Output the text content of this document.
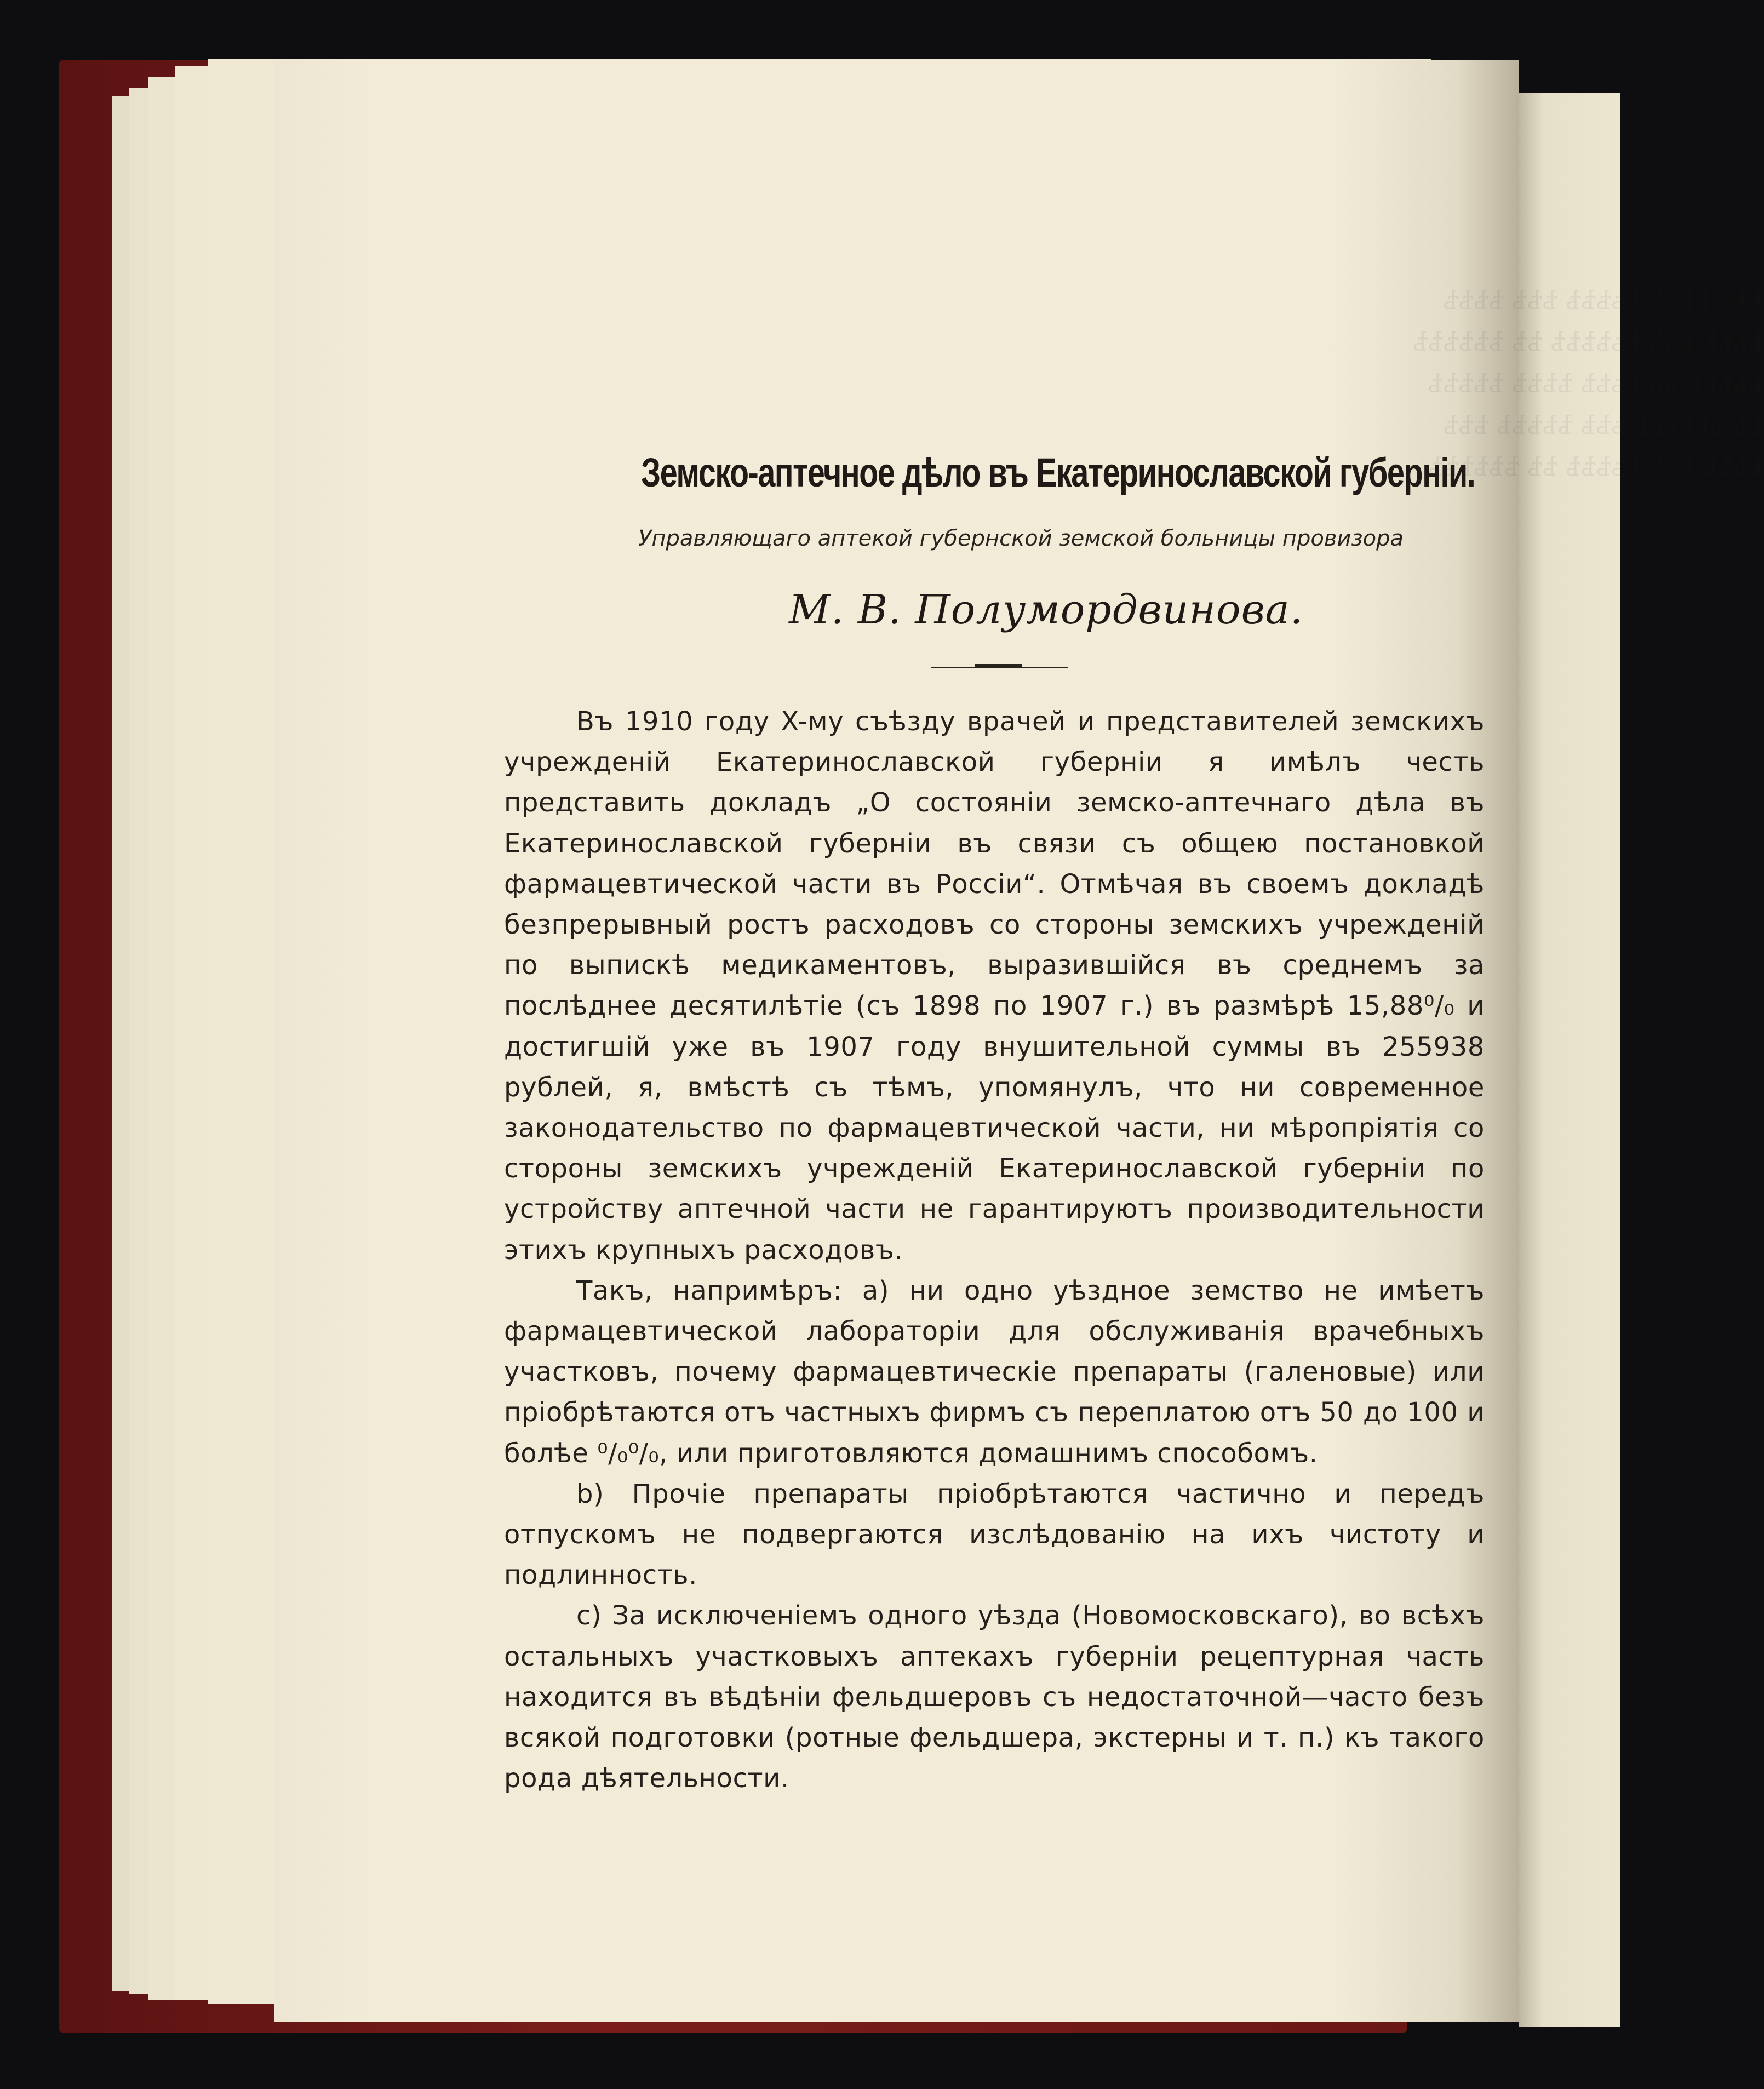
ѣѣѣ ѣѣѣѣ ѣѣѣѣѣ ѣѣѣ ѣѣѣѣ
ѣѣѣѣ ѣѣѣ ѣѣѣѣѣѣ ѣѣ ѣѣѣѣѣѣ
ѣѣѣѣѣ ѣѣ ѣѣѣѣ ѣѣѣѣ ѣѣѣѣѣ
ѣѣ ѣѣѣѣѣѣ ѣѣѣ ѣѣѣѣѣ ѣѣѣ
ѣѣѣѣ ѣѣѣ ѣѣѣѣѣ ѣѣ ѣѣѣѣѣѣ
Земско-аптечное дѣло въ Екатеринославской губерніи.
Управляющаго аптекой губернской земской больницы провизора
М. В. Полумордвинова.

Въ 1910 году X-му съѣзду врачей и представителей земскихъ учрежденій Екатеринославской губерніи я имѣлъ честь представить докладъ „О состояніи земско-аптечнаго дѣла въ Екатеринославской губерніи въ связи съ общею постановкой фармацевтической части въ Россіи“. Отмѣчая въ своемъ докладѣ безпрерывный ростъ расходовъ со стороны земскихъ учрежденій по выпискѣ медикаментовъ, выразившійся въ среднемъ за послѣднее десятилѣтіе (съ 1898 по 1907 г.) въ размѣрѣ 15,88⁰/₀ и достигшій уже въ 1907 году внушительной суммы въ 255938 рублей, я, вмѣстѣ съ тѣмъ, упомянулъ, что ни современное законодательство по фармацевтической части, ни мѣропріятія со стороны земскихъ учрежденій Екатеринославской губерніи по устройству аптечной части не гарантируютъ производительности этихъ крупныхъ расходовъ.

Такъ, напримѣръ: а) ни одно уѣздное земство не имѣетъ фармацевтической лабораторіи для обслуживанія врачебныхъ участковъ, почему фармацевтическіе препараты (галеновые) или пріобрѣтаются отъ частныхъ фирмъ съ переплатою отъ 50 до 100 и болѣе ⁰/₀⁰/₀, или приготовляются домашнимъ способомъ.

b) Прочіе препараты пріобрѣтаются частично и передъ отпускомъ не подвергаются изслѣдованію на ихъ чистоту и подлинность.

c) За исключеніемъ одного уѣзда (Новомосковскаго), во всѣхъ остальныхъ участковыхъ аптекахъ губерніи рецептурная часть находится въ вѣдѣніи фельдшеровъ съ недостаточной—часто безъ всякой подготовки (ротные фельдшера, экстерны и т. п.) къ такого рода дѣятельности.
